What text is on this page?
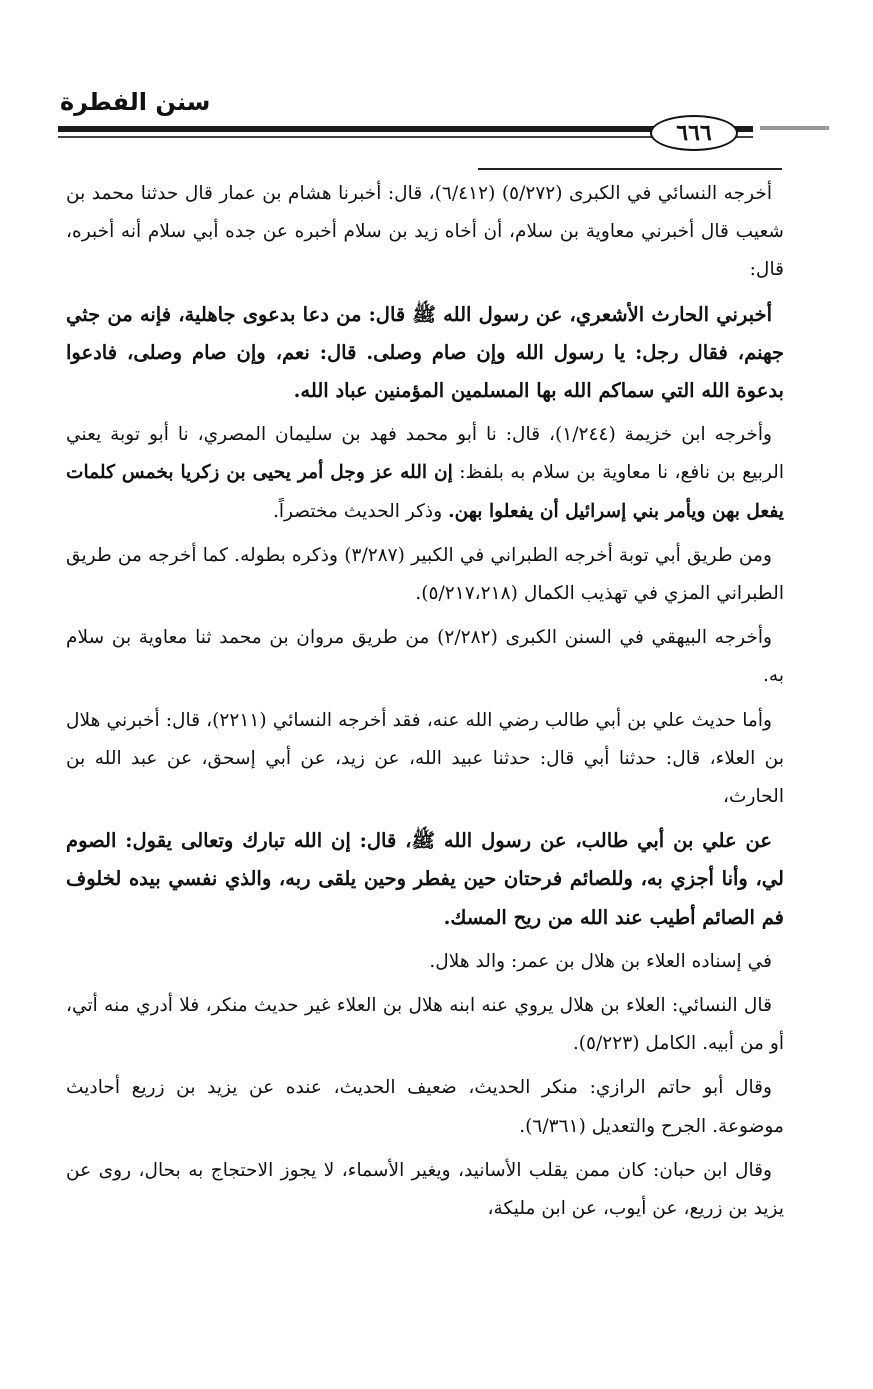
سنن الفطرة
٦٦٦

أخرجه النسائي في الكبرى (٥/٢٧٢) (٦/٤١٢)، قال: أخبرنا هشام بن عمار قال حدثنا محمد بن شعيب قال أخبرني معاوية بن سلام، أن أخاه زيد بن سلام أخبره عن جده أبي سلام أنه أخبره، قال:

أخبرني الحارث الأشعري، عن رسول الله ﷺ قال: من دعا بدعوى جاهلية، فإنه من جثي جهنم، فقال رجل: يا رسول الله وإن صام وصلى. قال: نعم، وإن صام وصلى، فادعوا بدعوة الله التي سماكم الله بها المسلمين المؤمنين عباد الله.

وأخرجه ابن خزيمة (١/٢٤٤)، قال: نا أبو محمد فهد بن سليمان المصري، نا أبو توبة يعني الربيع بن نافع، نا معاوية بن سلام به بلفظ: إن الله عز وجل أمر يحيى بن زكريا بخمس كلمات يفعل بهن ويأمر بني إسرائيل أن يفعلوا بهن. وذكر الحديث مختصراً.

ومن طريق أبي توبة أخرجه الطبراني في الكبير (٣/٢٨٧) وذكره بطوله. كما أخرجه من طريق الطبراني المزي في تهذيب الكمال (٥/٢١٧،٢١٨).

وأخرجه البيهقي في السنن الكبرى (٢/٢٨٢) من طريق مروان بن محمد ثنا معاوية بن سلام به.

وأما حديث علي بن أبي طالب رضي الله عنه، فقد أخرجه النسائي (٢٢١١)، قال: أخبرني هلال بن العلاء، قال: حدثنا أبي قال: حدثنا عبيد الله، عن زيد، عن أبي إسحق، عن عبد الله بن الحارث،

عن علي بن أبي طالب، عن رسول الله ﷺ، قال: إن الله تبارك وتعالى يقول: الصوم لي، وأنا أجزي به، وللصائم فرحتان حين يفطر وحين يلقى ربه، والذي نفسي بيده لخلوف فم الصائم أطيب عند الله من ريح المسك.

في إسناده العلاء بن هلال بن عمر: والد هلال.

قال النسائي: العلاء بن هلال يروي عنه ابنه هلال بن العلاء غير حديث منكر، فلا أدري منه أتي، أو من أبيه. الكامل (٥/٢٢٣).

وقال أبو حاتم الرازي: منكر الحديث، ضعيف الحديث، عنده عن يزيد بن زريع أحاديث موضوعة. الجرح والتعديل (٦/٣٦١).

وقال ابن حبان: كان ممن يقلب الأسانيد، ويغير الأسماء، لا يجوز الاحتجاج به بحال، روى عن يزيد بن زريع، عن أيوب، عن ابن مليكة،
